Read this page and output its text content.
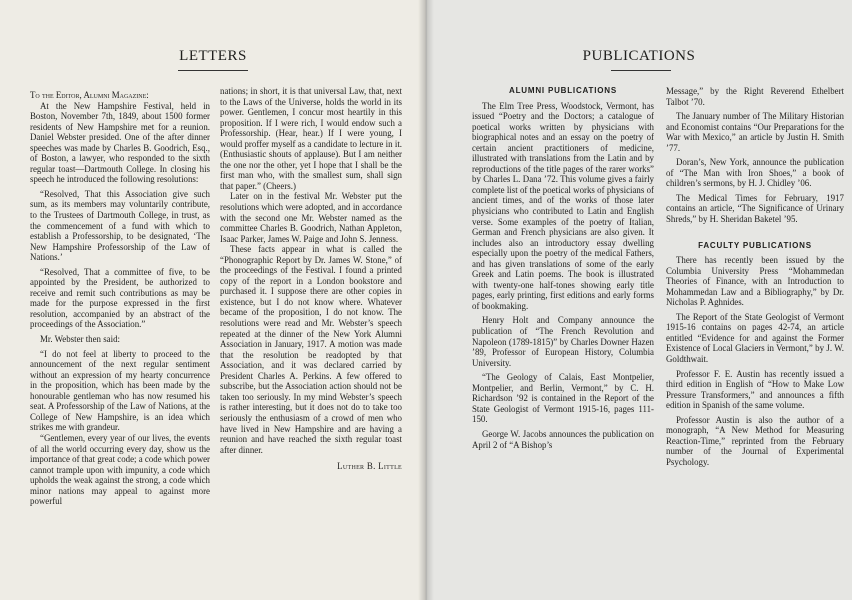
LETTERS

To the Editor, Alumni Magazine:

At the New Hampshire Festival, held in Boston, November 7th, 1849, about 1500 former residents of New Hampshire met for a reunion. Daniel Webster presided. One of the after dinner speeches was made by Charles B. Goodrich, Esq., of Boston, a lawyer, who responded to the sixth regular toast—Dartmouth College. In closing his speech he introduced the following resolutions:

“Resolved, That this Association give such sum, as its members may voluntarily contribute, to the Trustees of Dartmouth College, in trust, as the commencement of a fund with which to establish a Professorship, to be designated, ‘The New Hampshire Professorship of the Law of Nations.’

“Resolved, That a committee of five, to be appointed by the President, be authorized to receive and remit such contributions as may be made for the purpose expressed in the first resolution, accompanied by an abstract of the proceedings of the Association.”

Mr. Webster then said:

“I do not feel at liberty to proceed to the announcement of the next regular sentiment without an expression of my hearty concurrence in the proposition, which has been made by the honourable gentleman who has now resumed his seat. A Professorship of the Law of Nations, at the College of New Hampshire, is an idea which strikes me with grandeur.

“Gentlemen, every year of our lives, the events of all the world occurring every day, show us the importance of that great code; a code which power cannot trample upon with impunity, a code which upholds the weak against the strong, a code which minor nations may appeal to against more powerful

nations; in short, it is that universal Law, that, next to the Laws of the Universe, holds the world in its power. Gentlemen, I concur most heartily in this proposition. If I were rich, I would endow such a Professorship. (Hear, hear.) If I were young, I would proffer myself as a candidate to lecture in it. (Enthusiastic shouts of applause). But I am neither the one nor the other, yet I hope that I shall be the first man who, with the smallest sum, shall sign that paper.” (Cheers.)

Later on in the festival Mr. Webster put the resolutions which were adopted, and in accordance with the second one Mr. Webster named as the committee Charles B. Goodrich, Nathan Appleton, Isaac Parker, James W. Paige and John S. Jenness.

These facts appear in what is called the “Phonographic Report by Dr. James W. Stone,” of the proceedings of the Festival. I found a printed copy of the report in a London bookstore and purchased it. I suppose there are other copies in existence, but I do not know where. Whatever became of the proposition, I do not know. The resolutions were read and Mr. Webster’s speech repeated at the dinner of the New York Alumni Association in January, 1917. A motion was made that the resolution be readopted by that Association, and it was declared carried by President Charles A. Perkins. A few offered to subscribe, but the Association action should not be taken too seriously. In my mind Webster’s speech is rather interesting, but it does not do to take too seriously the enthusiasm of a crowd of men who have lived in New Hampshire and are having a reunion and have reached the sixth regular toast after dinner.

Luther B. Little

PUBLICATIONS

ALUMNI PUBLICATIONS

The Elm Tree Press, Woodstock, Vermont, has issued “Poetry and the Doctors; a catalogue of poetical works written by physicians with biographical notes and an essay on the poetry of certain ancient practitioners of medicine, illustrated with translations from the Latin and by reproductions of the title pages of the rarer works” by Charles L. Dana ’72. This volume gives a fairly complete list of the poetical works of physicians of ancient times, and of the works of those later physicians who contributed to Latin and English verse. Some examples of the poetry of Italian, German and French physicians are also given. It includes also an introductory essay dwelling especially upon the poetry of the medical Fathers, and has given translations of some of the early Greek and Latin poems. The book is illustrated with twenty-one half-tones showing early title pages, early printing, first editions and early forms of bookmaking.

Henry Holt and Company announce the publication of “The French Revolution and Napoleon (1789-1815)” by Charles Downer Hazen ’89, Professor of European History, Columbia University.

“The Geology of Calais, East Montpelier, Montpelier, and Berlin, Vermont,” by C. H. Richardson ’92 is contained in the Report of the State Geologist of Vermont 1915-16, pages 111-150.

George W. Jacobs announces the publication on April 2 of “A Bishop’s

Message,” by the Right Reverend Ethelbert Talbot ’70.

The January number of The Military Historian and Economist contains “Our Preparations for the War with Mexico,” an article by Justin H. Smith ’77.

Doran’s, New York, announce the publication of “The Man with Iron Shoes,” a book of children’s sermons, by H. J. Chidley ’06.

The Medical Times for February, 1917 contains an article, “The Significance of Urinary Shreds,” by H. Sheridan Baketel ’95.

FACULTY PUBLICATIONS

There has recently been issued by the Columbia University Press “Mohammedan Theories of Finance, with an Introduction to Mohammedan Law and a Bibliography,” by Dr. Nicholas P. Aghnides.

The Report of the State Geologist of Vermont 1915-16 contains on pages 42-74, an article entitled “Evidence for and against the Former Existence of Local Glaciers in Vermont,” by J. W. Goldthwait.

Professor F. E. Austin has recently issued a third edition in English of “How to Make Low Pressure Transformers,” and announces a fifth edition in Spanish of the same volume.

Professor Austin is also the author of a monograph, “A New Method for Measuring Reaction-Time,” reprinted from the February number of the Journal of Experimental Psychology.
